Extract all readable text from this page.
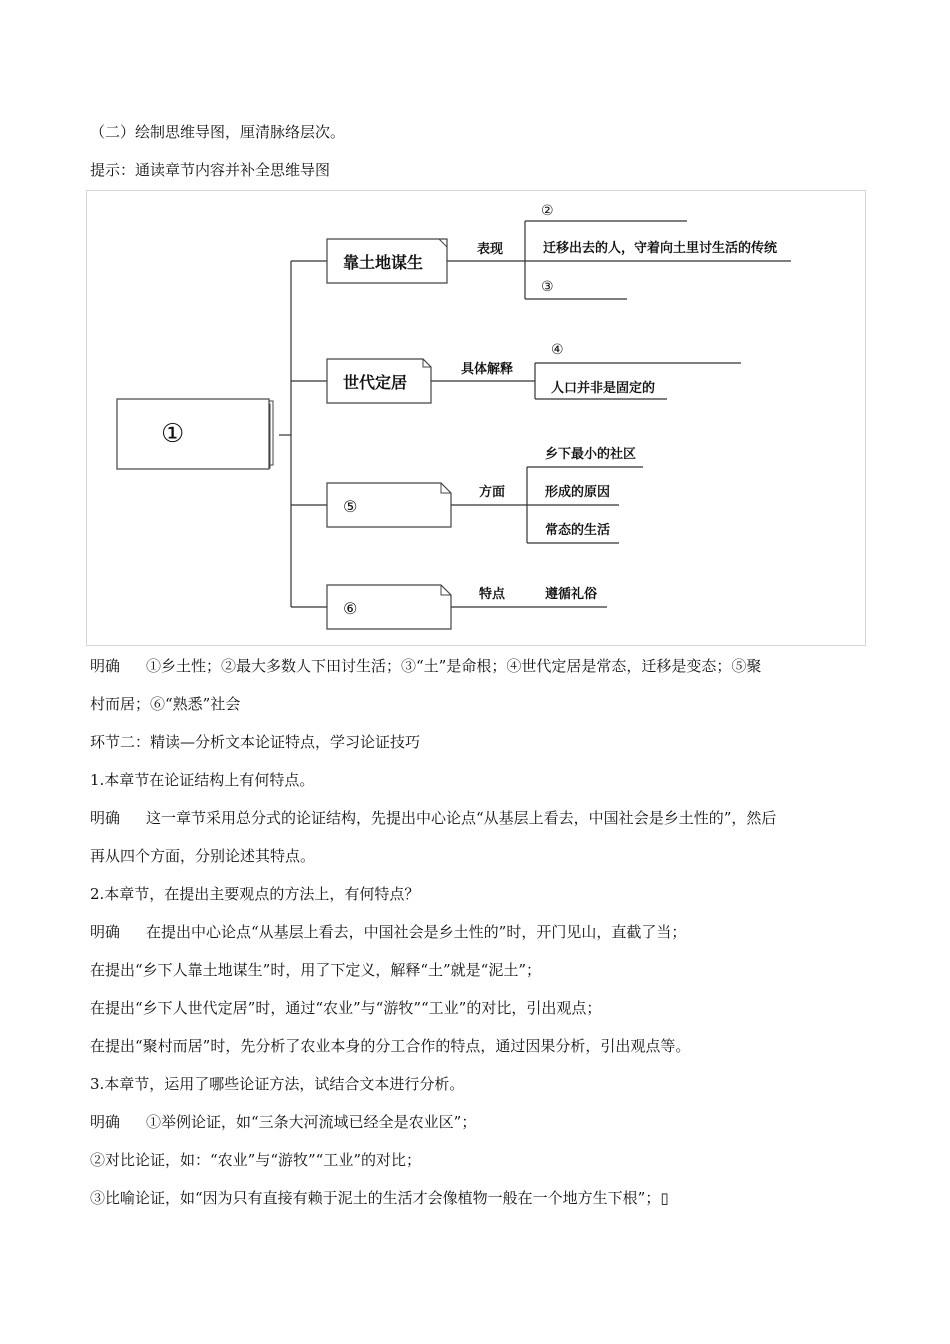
（二）绘制思维导图，厘清脉络层次。
提示：通读章节内容并补全思维导图
①
靠土地谋生
世代定居
⑤
⑥
表现
具体解释
方面
特点
②
迁移出去的人，守着向土里讨生活的传统
③
④
人口并非是固定的
乡下最小的社区
形成的原因
常态的生活
遵循礼俗
明确 ①乡土性；②最大多数人下田讨生活；③“土”是命根；④世代定居是常态，迁移是变态；⑤聚
村而居；⑥“熟悉”社会
环节二：精读—分析文本论证特点，学习论证技巧
1.本章节在论证结构上有何特点。
明确 这一章节采用总分式的论证结构，先提出中心论点“从基层上看去，中国社会是乡土性的”，然后
再从四个方面，分别论述其特点。
2.本章节，在提出主要观点的方法上，有何特点？
明确 在提出中心论点“从基层上看去，中国社会是乡土性的”时，开门见山，直截了当；
在提出“乡下人靠土地谋生”时，用了下定义，解释“土”就是“泥土”；
在提出“乡下人世代定居”时，通过“农业”与“游牧”“工业”的对比，引出观点；
在提出“聚村而居”时，先分析了农业本身的分工合作的特点，通过因果分析，引出观点等。
3.本章节，运用了哪些论证方法，试结合文本进行分析。
明确 ①举例论证，如“三条大河流域已经全是农业区”；
②对比论证，如：“农业”与“游牧”“工业”的对比；
③比喻论证，如“因为只有直接有赖于泥土的生活才会像植物一般在一个地方生下根”；▯
